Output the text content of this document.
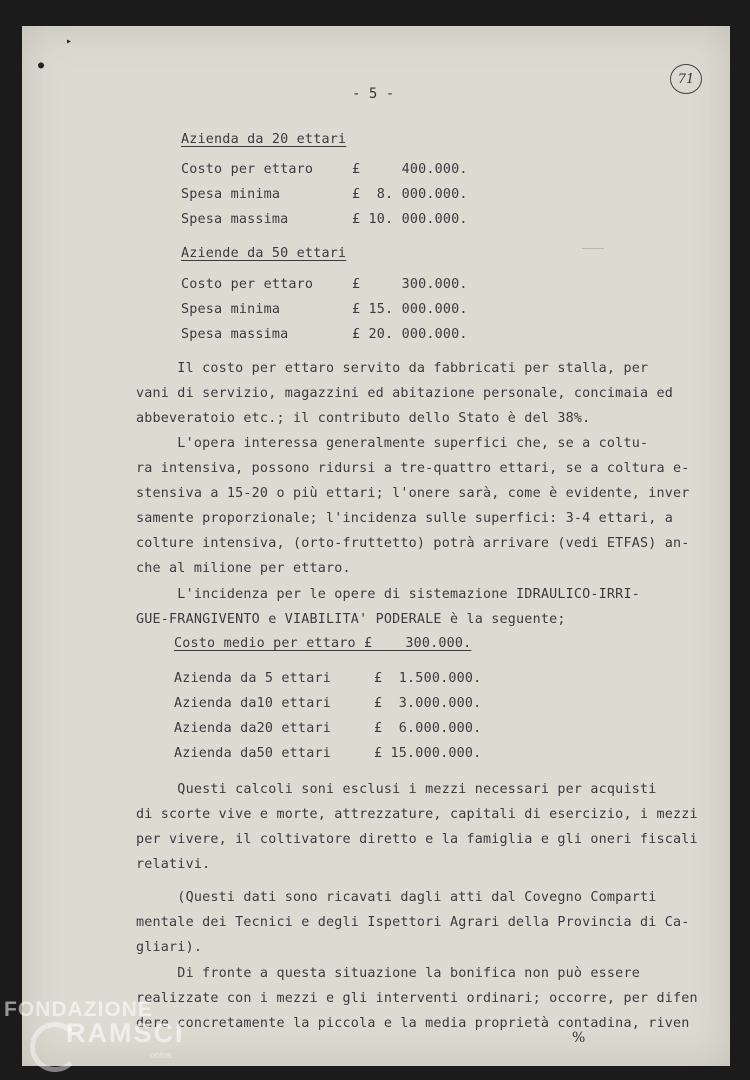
▸
●
- 5 -
71
Azienda da 20 ettari
Costo per ettaro	£     400.000.
Spesa minima	£  8. 000.000.
Spesa massima	£ 10. 000.000.
Aziende da 50 ettari
Costo per ettaro	£     300.000.
Spesa minima	£ 15. 000.000.
Spesa massima	£ 20. 000.000.
Il costo per ettaro servito da fabbricati per stalla, per
vani di servizio, magazzini ed abitazione personale, concimaia ed
abbeveratoio etc.; il contributo dello Stato è del 38%.
L'opera interessa generalmente superfici che, se a coltu-
ra intensiva, possono ridursi a tre-quattro ettari, se a coltura e-
stensiva a 15-20 o più ettari; l'onere sarà, come è evidente, inver
samente proporzionale; l'incidenza sulle superfici: 3-4 ettari, a
colture intensiva, (orto-fruttetto) potrà arrivare (vedi ETFAS) an-
che al milione per ettaro.
L'incidenza per le opere di sistemazione IDRAULICO-IRRI-
GUE-FRANGIVENTO e VIABILITA' PODERALE è la seguente;
Costo medio per ettaro £    300.000.
Azienda da 5 ettari	£  1.500.000.
Azienda da10 ettari	£  3.000.000.
Azienda da20 ettari	£  6.000.000.
Azienda da50 ettari	£ 15.000.000.
Questi calcoli soni esclusi i mezzi necessari per acquisti
di scorte vive e morte, attrezzature, capitali di esercizio, i mezzi
per vivere, il coltivatore diretto e la famiglia e gli oneri fiscali
relativi.
(Questi dati sono ricavati dagli atti dal Covegno Comparti
mentale dei Tecnici e degli Ispettori Agrari della Provincia di Ca-
gliari).
Di fronte a questa situazione la bonifica non può essere
realizzate con i mezzi e gli interventi ordinari; occorre, per difen
dere concretamente la piccola e la media proprietà contadina, riven
%
FONDAZIONE
RAMSCI
onlus
